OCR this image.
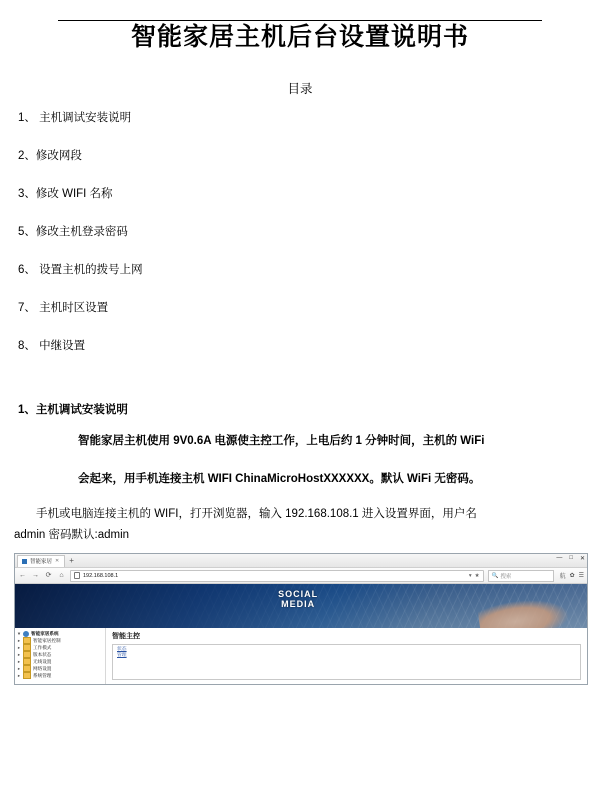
智能家居主机后台设置说明书
目录
1、 主机调试安装说明
2、修改网段
3、修改 WIFI 名称
5、修改主机登录密码
6、 设置主机的拨号上网
7、 主机时区设置
8、 中继设置
1、主机调试安装说明
智能家居主机使用 9V0.6A 电源使主控工作，上电后约 1 分钟时间，主机的 WiFi
会起来，用手机连接主机 WIFI ChinaMicroHostXXXXXX。默认 WiFi 无密码。
手机或电脑连接主机的 WIFI，打开浏览器，输入 192.168.108.1 进入设置界面，用户名
admin 密码默认:admin
智能家居 ✕ +	— □ ✕
← → ⟳	⌂	192.168.108.1	▾ ★ 🔍 搜索	航 ✿ ☰
SOCIAL
MEDIA
▾ 智能家居系统
▸	智能家居控制
▸	工作模式
▸	版本状态
▸	无线设置
▸	网络设置
▸	系统管理
智能主控
状态
管理
